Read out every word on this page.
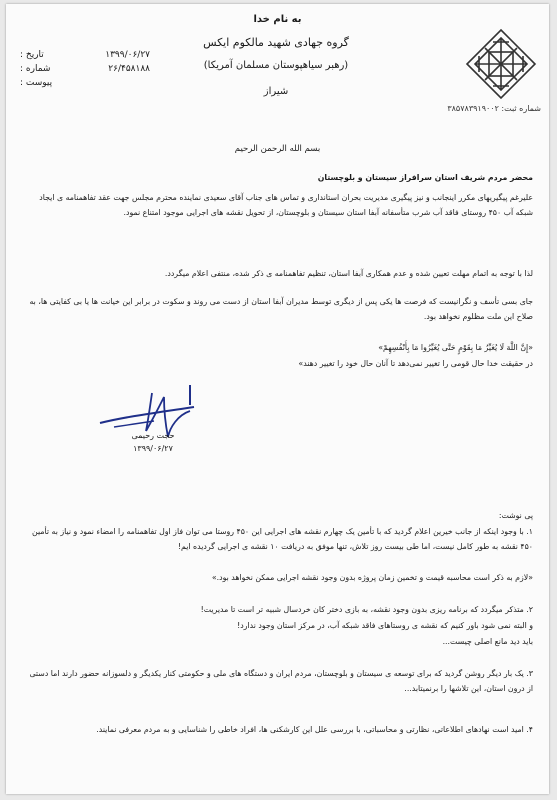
شماره ثبت: ۳۸۵۷۸۳۹۱۹۰۰۲
به نام خدا
گروه جهادی شهید مالکوم ایکس
(رهبر سیاهپوستان مسلمان آمریکا)
شیراز
تاریخ :	۱۳۹۹/۰۶/۲۷
شماره :	۲۶/۴۵۸۱۸۸
پیوست :
بسم الله الرحمن الرحیم
محضر مردم شریف استان سرافراز سیستان و بلوچستان
علیرغم پیگیریهای مکرر اینجانب و نیز پیگیری مدیریت بحران استانداری و تماس های جناب آقای سعیدی نماینده محترم مجلس جهت عقد تفاهمنامه ی ایجاد شبکه آب ۴۵۰ روستای فاقد آب شرب متأسفانه آبفا استان سیستان و بلوچستان، از تحویل نقشه های اجرایی موجود امتناع نمود.
لذا با توجه به اتمام مهلت تعیین شده و عدم همکاری آبفا استان، تنظیم تفاهمنامه ی ذکر شده، منتفی اعلام میگردد.
جای بسی تأسف و نگرانیست که فرصت ها یکی پس از دیگری توسط مدیران آبفا استان از دست می روند و سکوت در برابر این خیانت ها یا بی کفایتی ها، به صلاح این ملت مظلوم نخواهد بود.
«إِنَّ اللَّهَ لَا يُغَيِّرُ مَا بِقَوْمٍ حَتَّى يُغَيِّرُوا مَا بِأَنْفُسِهِمْ»
در حقیقت خدا حال قومی را تغییر نمی‌دهد تا آنان حال خود را تغییر دهند»
حجت رحیمی
۱۳۹۹/۰۶/۲۷
پی نوشت:
۱. با وجود اینکه از جانب خیرین اعلام گردید که با تأمین یک چهارم نقشه های اجرایی این ۴۵۰ روستا می توان فاز اول تفاهمنامه را امضاء نمود و نیاز به تأمین ۴۵۰ نقشه به طور کامل نیست، اما طی بیست روز تلاش، تنها موفق به دریافت ۱۰ نقشه ی اجرایی گردیده ایم!
«لازم به ذکر است محاسبه قیمت و تخمین زمان پروژه بدون وجود نقشه اجرایی ممکن نخواهد بود.»
۲. متذکر میگردد که برنامه ریزی بدون وجود نقشه، به بازی دختر کان خردسال شبیه تر است تا مدیریت!
و البته نمی شود باور کنیم که نقشه ی روستاهای فاقد شبکه آب، در مرکز استان وجود ندارد!
باید دید مانع اصلی چیست...
۳. یک بار دیگر روشن گردید که برای توسعه ی سیستان و بلوچستان، مردم ایران و دستگاه های ملی و حکومتی کنار یکدیگر و دلسوزانه حضور دارند اما دستی از درون استان، این تلاشها را برنمیتابد...
۴. امید است نهادهای اطلاعاتی، نظارتی و محاسباتی، با بررسی علل این کارشکنی ها، افراد خاطی را شناسایی و به مردم معرفی نمایند.
